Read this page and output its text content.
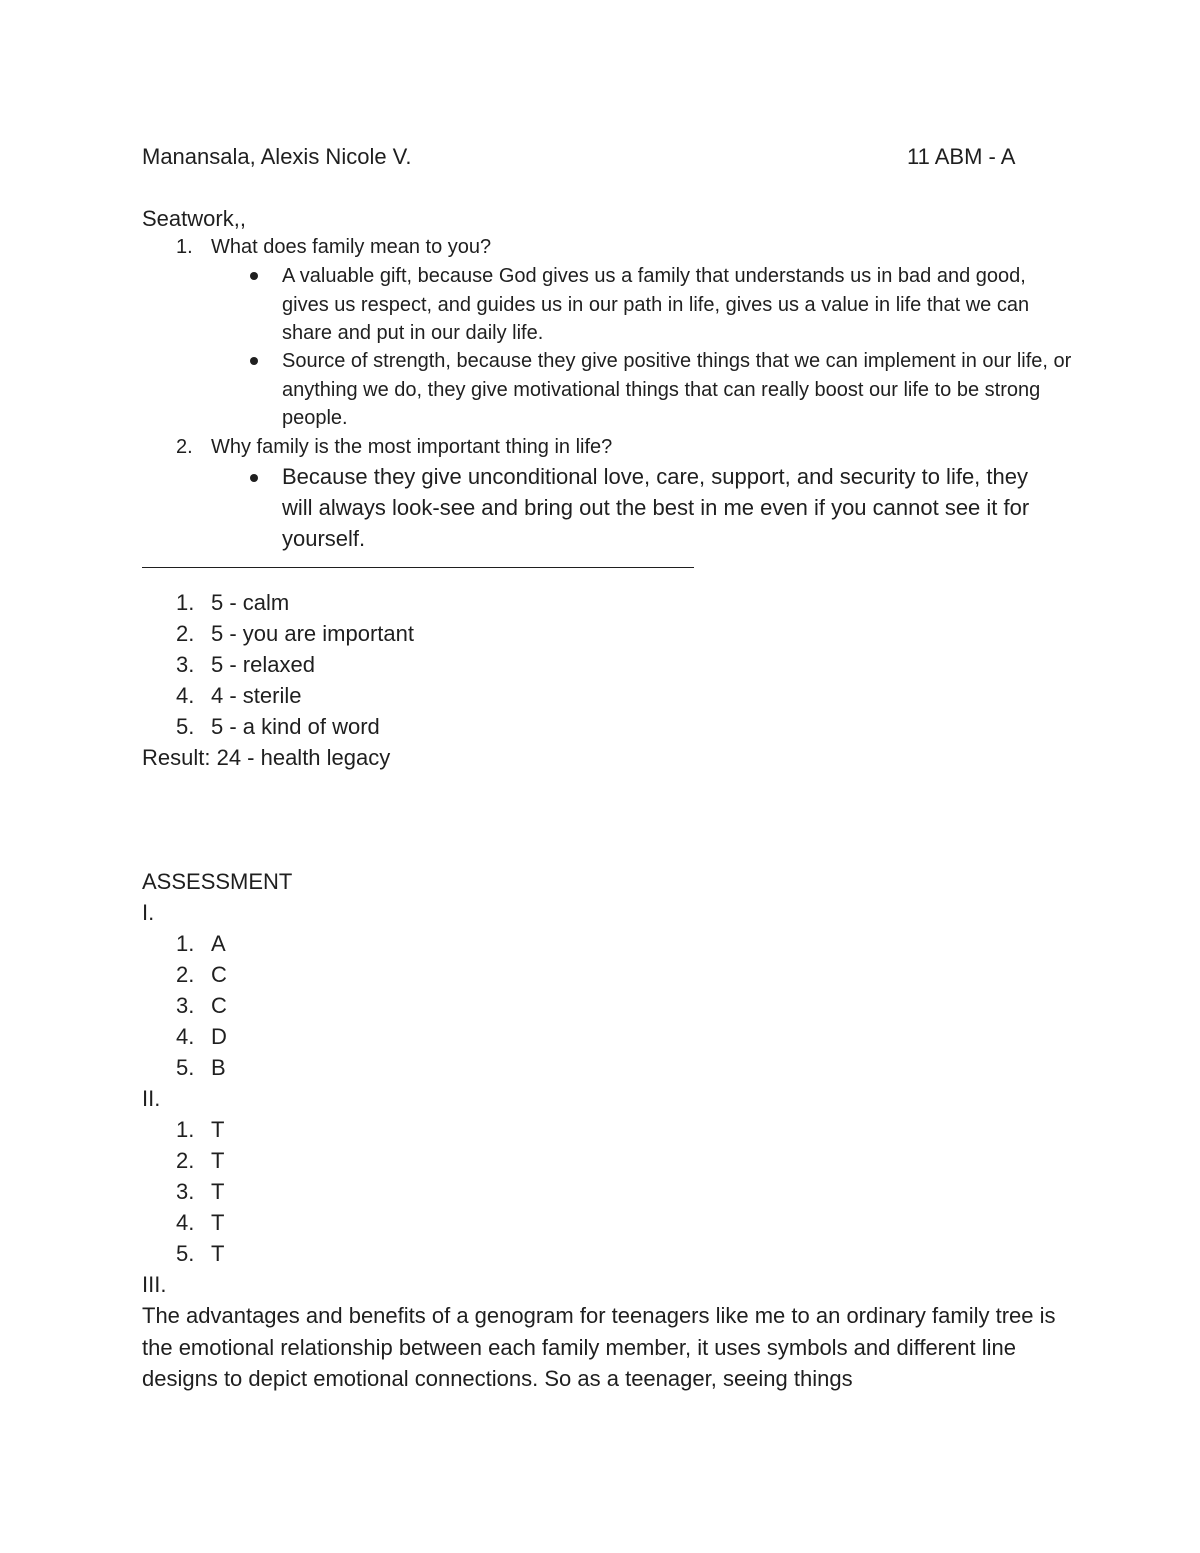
Manansala, Alexis Nicole V.	11 ABM - A
Seatwork,,
1. What does family mean to you?
A valuable gift, because God gives us a family that understands us in bad and good, gives us respect, and guides us in our path in life, gives us a value in life that we can share and put in our daily life.
Source of strength, because they give positive things that we can implement in our life, or anything we do, they give motivational things that can really boost our life to be strong people.
2. Why family is the most important thing in life?
Because they give unconditional love, care, support, and security to life, they will always look-see and bring out the best in me even if you cannot see it for yourself.
1. 5 - calm
2. 5 - you are important
3. 5 - relaxed
4. 4 - sterile
5. 5 - a kind of word
Result: 24 - health legacy
ASSESSMENT
I.
1. A
2. C
3. C
4. D
5. B
II.
1. T
2. T
3. T
4. T
5. T
III.
The advantages and benefits of a genogram for teenagers like me to an ordinary family tree is the emotional relationship between each family member, it uses symbols and different line designs to depict emotional connections. So as a teenager, seeing things
